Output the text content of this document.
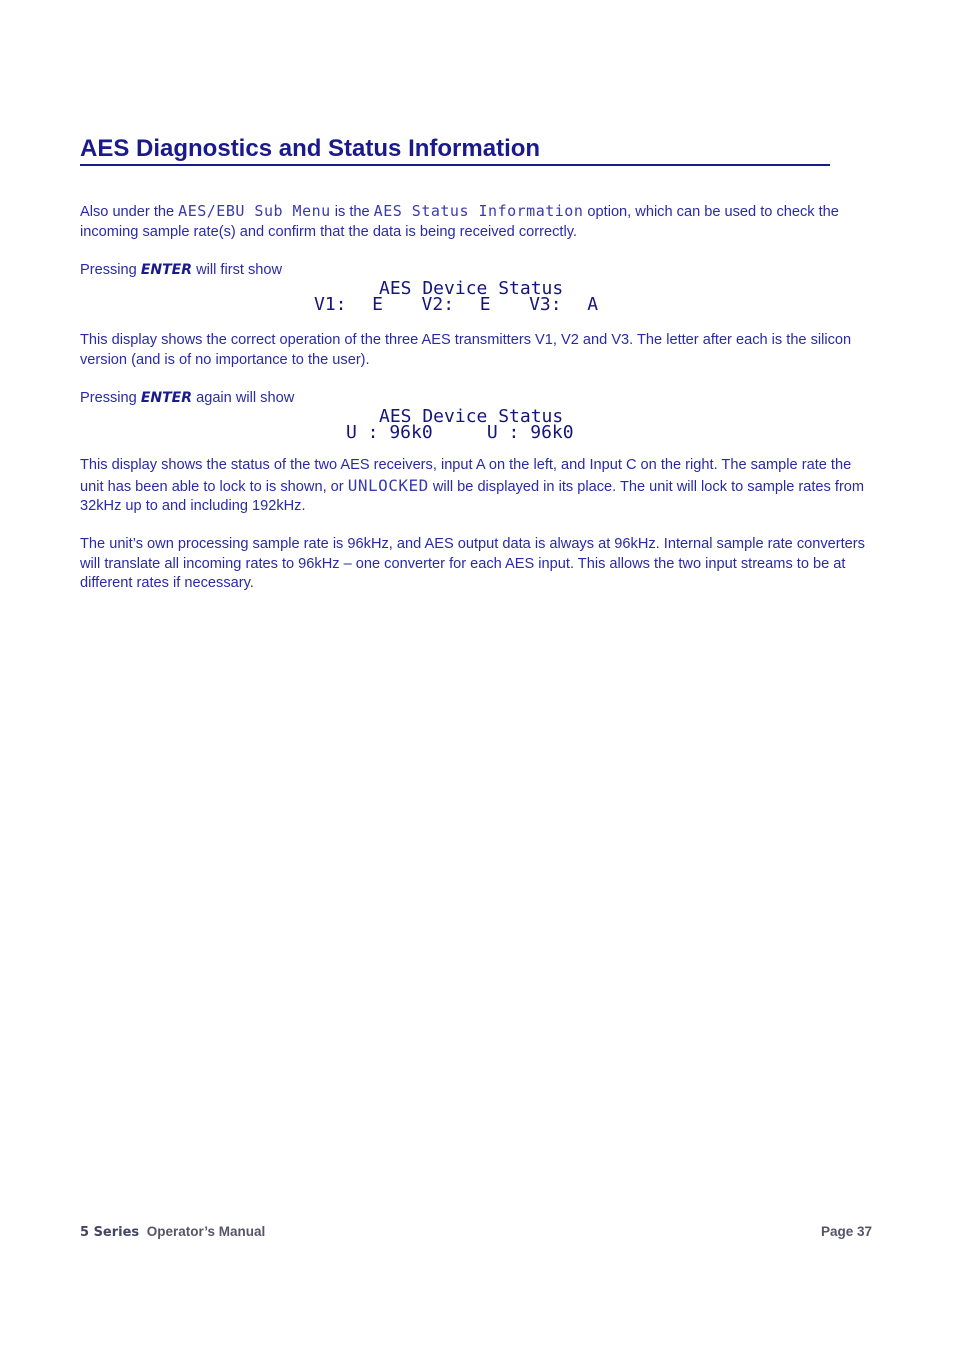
AES Diagnostics and Status Information

Also under the AES/EBU Sub Menu is the AES Status Information option, which can be used to check the incoming sample rate(s) and confirm that the data is being received correctly.

Pressing ENTER will first show

AES Device Status
V1:  E   V2:  E   V3:  A

This display shows the correct operation of the three AES transmitters V1, V2 and V3. The letter after each is the silicon version (and is of no importance to the user).

Pressing ENTER again will show

AES Device Status
U : 96k0     U : 96k0

This display shows the status of the two AES receivers, input A on the left, and Input C on the right. The sample rate the unit has been able to lock to is shown, or UNLOCKED will be displayed in its place. The unit will lock to sample rates from 32kHz up to and including 192kHz.

The unit’s own processing sample rate is 96kHz, and AES output data is always at 96kHz. Internal sample rate converters will translate all incoming rates to 96kHz – one converter for each AES input. This allows the two input streams to be at different rates if necessary.

5 Series Operator’s Manual	Page 37
